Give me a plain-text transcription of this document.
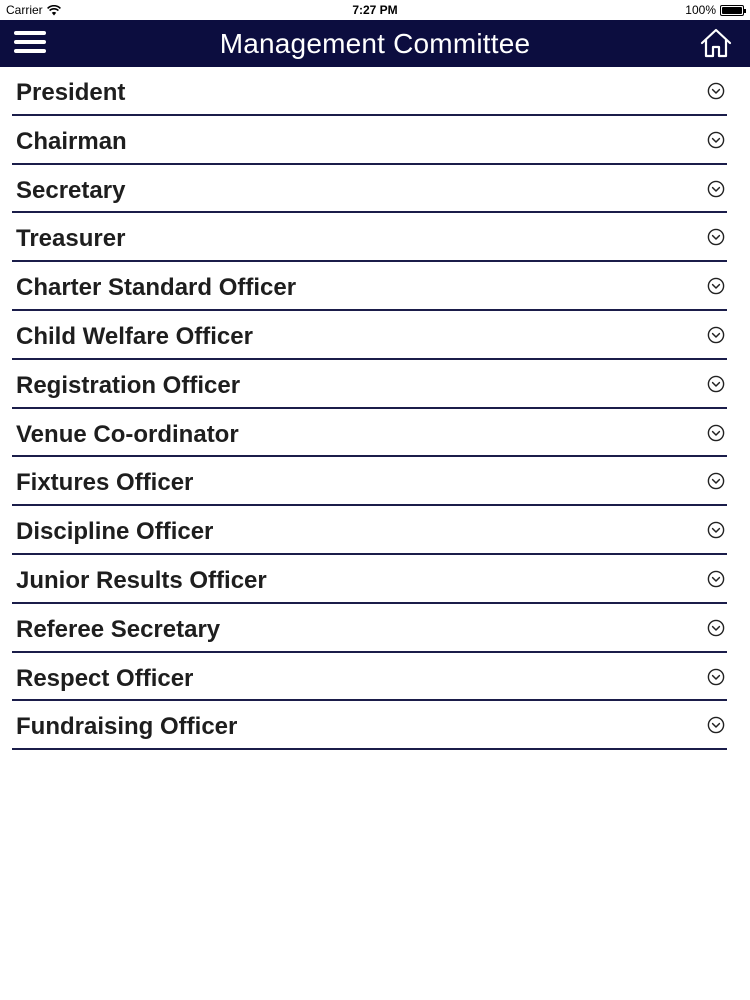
Carrier	7:27 PM	100%
Management Committee
President
Chairman
Secretary
Treasurer
Charter Standard Officer
Child Welfare Officer
Registration Officer
Venue Co-ordinator
Fixtures Officer
Discipline Officer
Junior Results Officer
Referee Secretary
Respect Officer
Fundraising Officer
